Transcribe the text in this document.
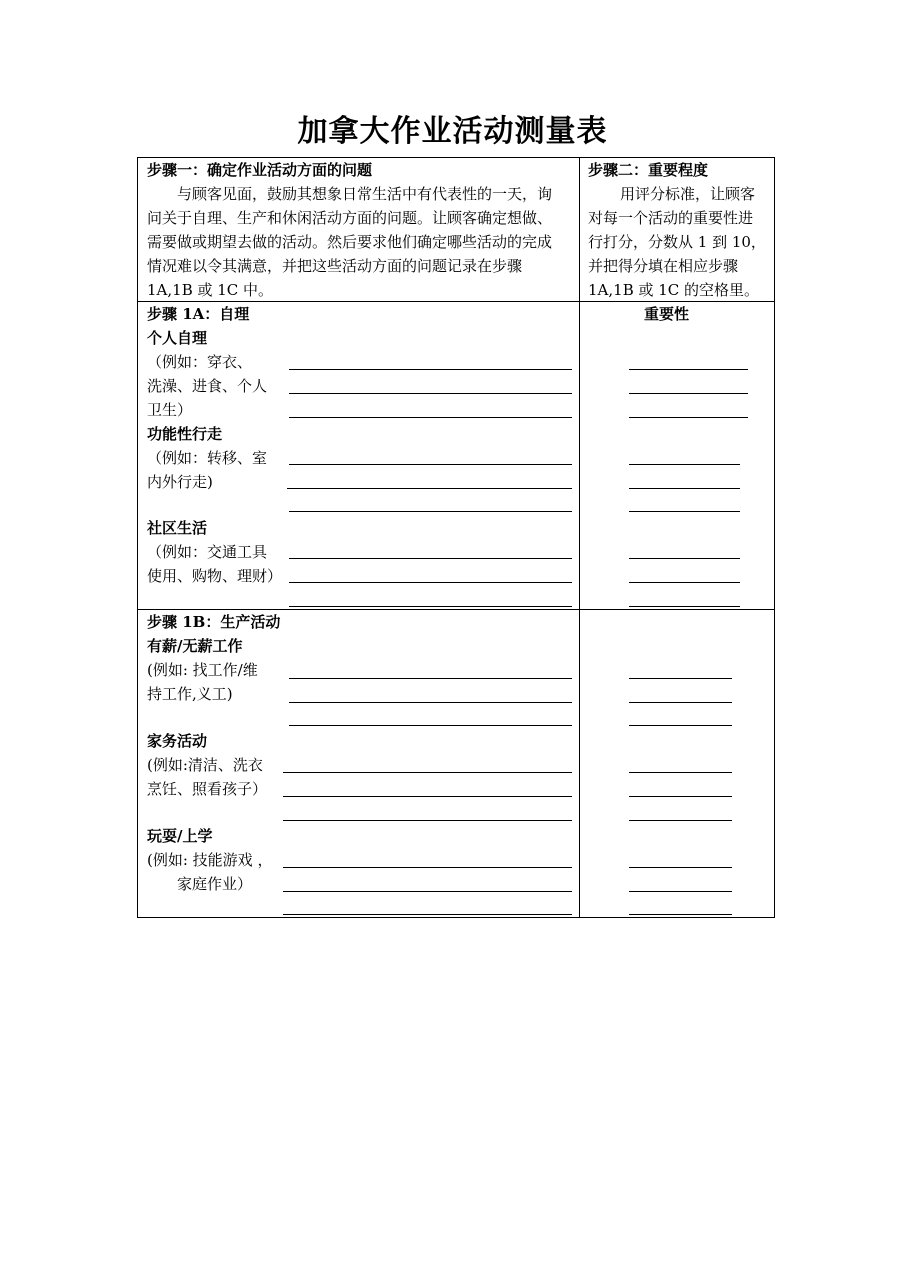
加拿大作业活动测量表
步骤一：确定作业活动方面的问题
与顾客见面，鼓励其想象日常生活中有代表性的一天，询
问关于自理、生产和休闲活动方面的问题。让顾客确定想做、
需要做或期望去做的活动。然后要求他们确定哪些活动的完成
情况难以令其满意，并把这些活动方面的问题记录在步骤
1A,1B 或 1C 中。
步骤二：重要程度
用评分标准，让顾客
对每一个活动的重要性进
行打分，分数从 1 到 10，
并把得分填在相应步骤
1A,1B 或 1C 的空格里。
步骤 1A：自理	重要性
个人自理
（例如：穿衣、
洗澡、进食、个人
卫生）
功能性行走
（例如：转移、室
内外行走)
社区生活
（例如：交通工具
使用、购物、理财）
步骤 1B：生产活动
有薪/无薪工作
(例如: 找工作/维
持工作,义工)
家务活动
(例如:清洁、洗衣
烹饪、照看孩子）
玩耍/上学
(例如: 技能游戏 ，
家庭作业）
